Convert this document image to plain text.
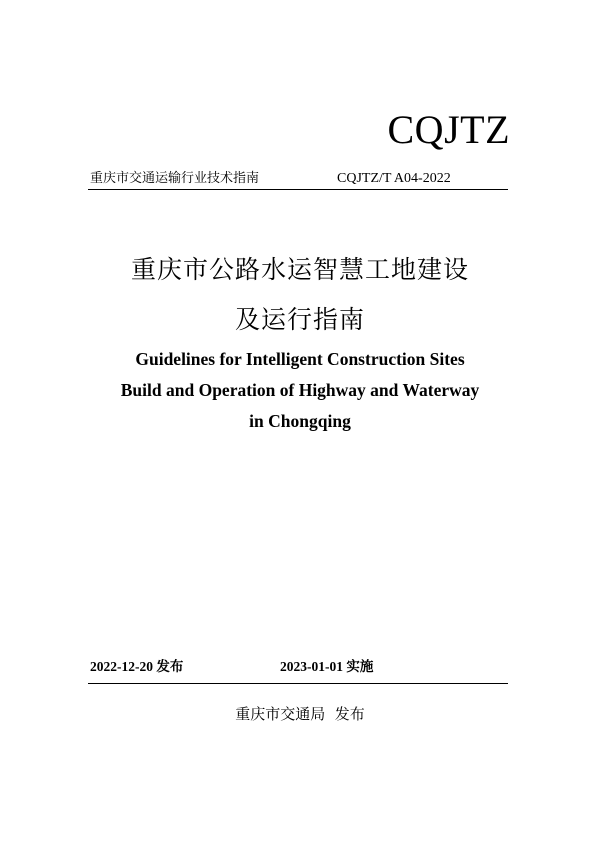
CQJTZ
重庆市交通运输行业技术指南	CQJTZ/T A04-2022
重庆市公路水运智慧工地建设
及运行指南
Guidelines for Intelligent Construction Sites
Build and Operation of Highway and Waterway
in Chongqing
2022-12-20 发布	2023-01-01 实施
重庆市交通局  发布
